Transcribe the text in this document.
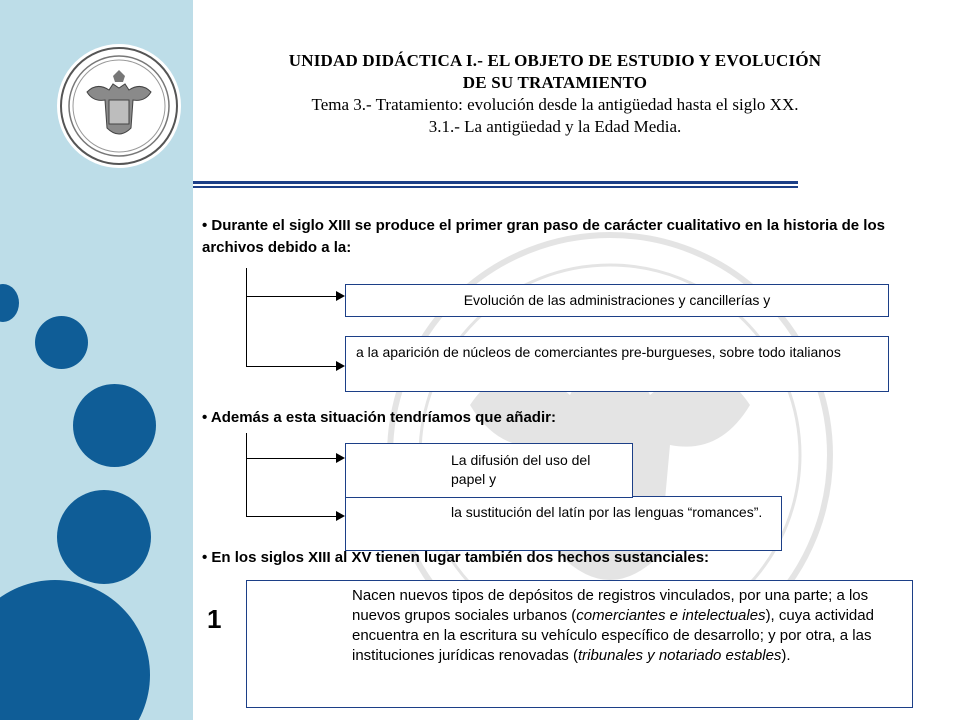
UNIDAD DIDÁCTICA I.- EL OBJETO DE ESTUDIO Y EVOLUCIÓN
DE SU TRATAMIENTO
Tema 3.- Tratamiento: evolución desde la antigüedad hasta el siglo XX.
3.1.- La antigüedad y la Edad Media.
• Durante el siglo XIII se produce el primer gran paso de carácter cualitativo en la historia de los archivos debido a la:
Evolución de las administraciones y cancillerías y
a la aparición de núcleos de comerciantes pre-burgueses, sobre todo italianos
• Además a esta situación tendríamos que añadir:
la sustitución del latín por las lenguas “romances”.
La difusión del uso del papel y
• En los siglos XIII al XV tienen lugar también dos hechos sustanciales:
Nacen nuevos tipos de depósitos de registros vinculados, por una parte; a los nuevos grupos sociales urbanos (comerciantes e intelectuales), cuya actividad encuentra en la escritura su vehículo específico de desarrollo; y por otra, a las instituciones jurídicas renovadas (tribunales y notariado estables).
1
